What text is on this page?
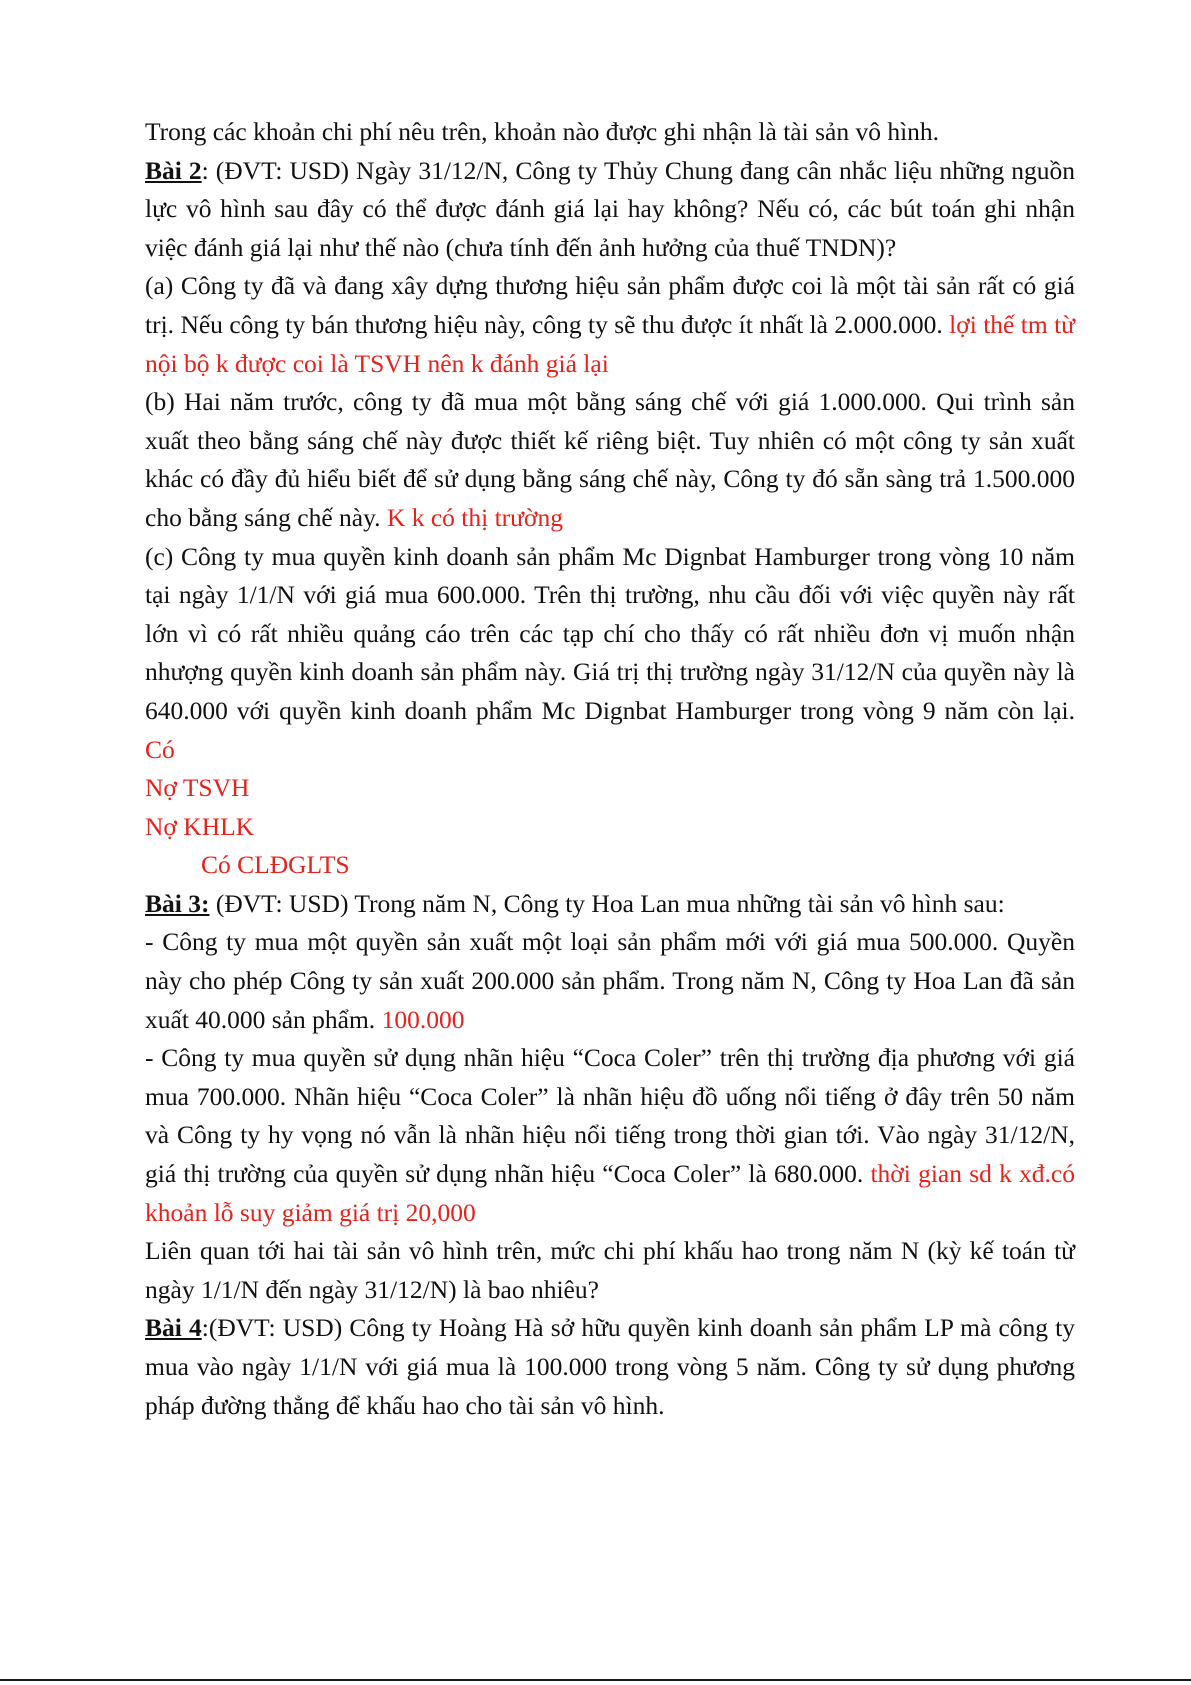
Trong các khoản chi phí nêu trên, khoản nào được ghi nhận là tài sản vô hình.

Bài 2: (ĐVT: USD) Ngày 31/12/N, Công ty Thủy Chung đang cân nhắc liệu những nguồn lực vô hình sau đây có thể được đánh giá lại hay không? Nếu có, các bút toán ghi nhận việc đánh giá lại như thế nào (chưa tính đến ảnh hưởng của thuế TNDN)?

(a) Công ty đã và đang xây dựng thương hiệu sản phẩm được coi là một tài sản rất có giá trị. Nếu công ty bán thương hiệu này, công ty sẽ thu được ít nhất là 2.000.000. lợi thế tm từ nội bộ k được coi là TSVH nên k đánh giá lại

(b) Hai năm trước, công ty đã mua một bằng sáng chế với giá 1.000.000. Qui trình sản xuất theo bằng sáng chế này được thiết kế riêng biệt. Tuy nhiên có một công ty sản xuất khác có đầy đủ hiểu biết để sử dụng bằng sáng chế này, Công ty đó sẵn sàng trả 1.500.000 cho bằng sáng chế này. K k có thị trường

(c) Công ty mua quyền kinh doanh sản phẩm Mc Dignbat Hamburger trong vòng 10 năm tại ngày 1/1/N với giá mua 600.000. Trên thị trường, nhu cầu đối với việc quyền này rất lớn vì có rất nhiều quảng cáo trên các tạp chí cho thấy có rất nhiều đơn vị muốn nhận nhượng quyền kinh doanh sản phẩm này. Giá trị thị trường ngày 31/12/N của quyền này là 640.000 với quyền kinh doanh phẩm Mc Dignbat Hamburger trong vòng 9 năm còn lại. Có

Nợ TSVH

Nợ KHLK

Có CLĐGLTS

Bài 3: (ĐVT: USD) Trong năm N, Công ty Hoa Lan mua những tài sản vô hình sau:

- Công ty mua một quyền sản xuất một loại sản phẩm mới với giá mua 500.000. Quyền này cho phép Công ty sản xuất 200.000 sản phẩm. Trong năm N, Công ty Hoa Lan đã sản xuất 40.000 sản phẩm. 100.000

- Công ty mua quyền sử dụng nhãn hiệu “Coca Coler” trên thị trường địa phương với giá mua 700.000. Nhãn hiệu “Coca Coler” là nhãn hiệu đồ uống nổi tiếng ở đây trên 50 năm và Công ty hy vọng nó vẫn là nhãn hiệu nổi tiếng trong thời gian tới. Vào ngày 31/12/N, giá thị trường của quyền sử dụng nhãn hiệu “Coca Coler” là 680.000. thời gian sd k xđ.có khoản lỗ suy giảm giá trị 20,000

Liên quan tới hai tài sản vô hình trên, mức chi phí khấu hao trong năm N (kỳ kế toán từ ngày 1/1/N đến ngày 31/12/N) là bao nhiêu?

Bài 4:(ĐVT: USD) Công ty Hoàng Hà sở hữu quyền kinh doanh sản phẩm LP mà công ty mua vào ngày 1/1/N với giá mua là 100.000 trong vòng 5 năm. Công ty sử dụng phương pháp đường thẳng để khấu hao cho tài sản vô hình.
